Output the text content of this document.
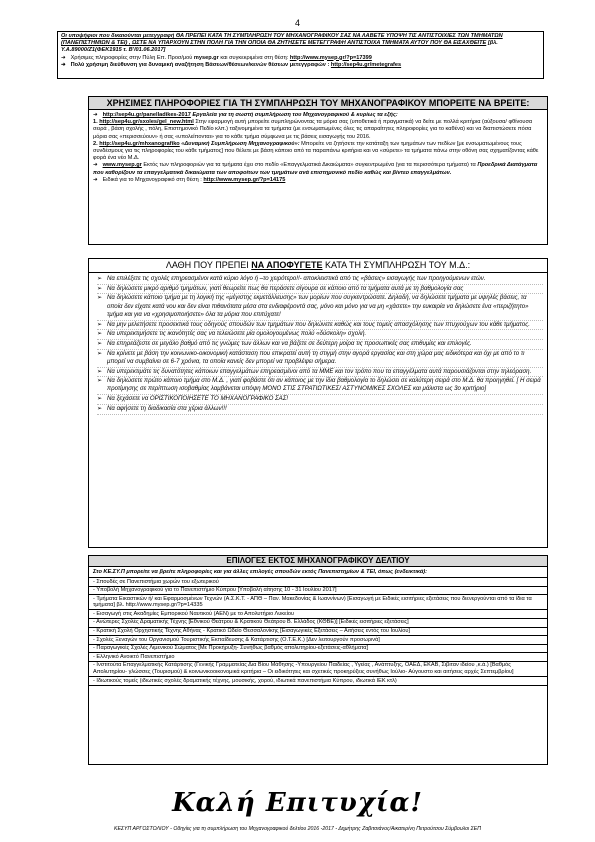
4

Οι υποψήφιοι που δικαιούνται μετεγγραφή ΘΑ ΠΡΕΠΕΙ ΚΑΤΑ ΤΗ ΣΥΜΠΛΗΡΩΣΗ ΤΟΥ ΜΗΧΑΝΟΓΡΑΦΙΚΟΥ ΣΑΣ ΝΑ ΛΑΒΕΤΕ ΥΠΟΨΗ ΤΙΣ ΑΝΤΙΣΤΟΙΧΙΕΣ ΤΩΝ ΤΜΗΜΑΤΩΝ (ΠΑΝΕΠΙΣΤΗΜΙΩΝ & ΤΕΙ) , ΩΣΤΕ ΝΑ ΥΠΑΡΧΟΥΝ ΣΤΗΝ ΠΟΛΗ ΓΙΑ ΤΗΝ ΟΠΟΙΑ ΘΑ ΖΗΤΗΣΕΤΕ ΜΕΤΕΓΓΡΑΦΗ ΑΝΤΙΣΤΟΙΧΑ ΤΜΗΜΑΤΑ ΑΥΤΟΥ ΠΟΥ ΘΑ ΕΙΣΑΧΘΕΙΤΕ [βλ. Υ.Α.89000/Z1(ΦΕΚ1915 τ. Β'/01.06.2017]

➜ Χρήσιμες πληροφορίες στην Πύλη Επ. Προσ/μού mysep.gr και συγκεκριμένα στη θέση: http://www.mysep.gr/?p=17399

➜ Πολύ χρήσιμη διεύθυνση για δυναμική αναζήτηση Βάσεων/θέσεων/κενών θέσεων μετεγγραφών : http://sep4u.gr/metegrafes

ΧΡΗΣΙΜΕΣ ΠΛΗΡΟΦΟΡΙΕΣ ΓΙΑ ΤΗ ΣΥΜΠΛΗΡΩΣΗ ΤΟΥ ΜΗΧΑΝΟΓΡΑΦΙΚΟΥ ΜΠΟΡΕΙΤΕ ΝΑ ΒΡΕΙΤΕ:

➜ http://sep4u.gr/panelladikes-2017 Εργαλεία για τη σωστή συμπλήρωση του Μηχανογραφικού & κυρίως τα εξής:

1. http://sep4u.gr/sxoles/gel_new.html Στην εφαρμογή αυτή μπορείτε συμπληρώνοντας τα μόρια σας (υποθετικά ή πραγματικά) να δείτε με πολλά κριτήρια (αύξουσα/ φθίνουσα σειρά , βάση σχολής , πόλη, Επιστημονικό Πεδίο κλπ.) ταξινομημένα τα τμήματα (με ενσωματωμένες όλες τις απαραίτητες πληροφορίες για το καθένα) και να διαπιστώσετε πόσα μόρια σας «περισσεύουν» ή σας «υπολείπονται» για το κάθε τμήμα σύμφωνα με τις βάσεις εισαγωγής του 2016.

2. http://sep4u.gr/mhxanografiko «Δυναμική Συμπλήρωση Μηχανογραφικού»: Μπορείτε να ζητήσετε την κατάταξη των τμημάτων των πεδίων [με ενσωματωμένους τους συνδέσμους για τις πληροφορίες του κάθε τμήματος] που θέλετε με βάση κάποιο από τα παραπάνω κριτήρια και να «σύρετε» τα τμήματα πάνω στην οθόνη σας σχηματίζοντας κάθε φορά ένα νέο Μ.Δ.

➜ www.mysep.gr Εκτός των πληροφοριών για τα τμήματα έχει στο πεδίο «Επαγγελματικά Δικαιώματα» συγκεντρωμένα (για τα περισσότερα τμήματα) τα Προεδρικά Διατάγματα που καθορίζουν τα επαγγελματικά δικαιώματα των αποφοίτων των τμημάτων ανά επιστημονικό πεδίο καθώς και βίντεο επαγγελμάτων.

➜ Ειδικά για το Μηχανογραφικό στη θέση : http://www.mysep.gr/?p=14175

ΛΑΘΗ ΠΟΥ ΠΡΕΠΕΙ ΝΑ ΑΠΟΦΥΓΕΤΕ ΚΑΤΑ ΤΗ ΣΥΜΠΛΗΡΩΣΗ ΤΟΥ Μ.Δ.:
➢ Να επιλέξετε τις σχολές επηρεασμένοι κατά κύριο λόγο ή –το χειρότερο!!- αποκλειστικά από τις «βάσεις» εισαγωγής των προηγούμενων ετών.
➢ Να δηλώσετε μικρό αριθμό τμημάτων, γιατί θεωρείτε πως θα περάσετε σίγουρα σε κάποιο από τα τμήματα αυτά με τη βαθμολογία σας
➢ Να δηλώσετε κάποιο τμήμα με τη λογική της «μέγιστης εκμετάλλευσης» των μορίων που συγκεντρώσατε. Δηλαδή, να δηλώσετε τμήματα με υψηλές βάσεις, τα οποία δεν είχατε κατά νου και δεν είναι πιθανότατα μέσα στα ενδιαφέροντά σας, μόνο και μόνο για να μη «χάσετε» την ευκαιρία να δηλώσετε ένα «περιζήτητο» τμήμα και για να «χρησιμοποιήσετε» όλα τα μόρια που επιτύχατε!
➢ Να μην μελετήσετε προσεκτικά τους οδηγούς σπουδών των τμημάτων που δηλώνετε καθώς και τους τομείς απασχόλησης των πτυχιούχων του κάθε τμήματος.
➢ Να υπερεκτιμήσετε τις ικανότητές σας να τελειώσετε μία ομολογουμένως πολύ «δύσκολη» σχολή.
➢ Να επηρεάζεστε σε μεγάλο βαθμό από τις γνώμες των άλλων και να βάζετε σε δεύτερη μοίρα τις προσωπικές σας επιθυμίες και επιλογές.
➢ Να κρίνετε με βάση την κοινωνικο-οικονομική κατάσταση που επικρατεί αυτή τη στιγμή στην αγορά εργασίας και στη χώρα μας ειδικότερα και όχι με από το τι μπορεί να συμβαίνει σε 6-7 χρόνια, τα οποία κανείς δεν μπορεί να προβλέψει σήμερα.
➢ Να υπερεκτιμάτε τις δυνατότητες κάποιων επαγγελμάτων επηρεασμένοι από τα ΜΜΕ και τον τρόπο που τα επαγγέλματα αυτά παρουσιάζονται στην τηλεόραση.
➢ Να δηλώσετε πρώτο κάποιο τμήμα στο Μ.Δ. , γιατί φοβάστε ότι αν κάποιος με την ίδια βαθμολογία το δηλώσει σε καλύτερη σειρά στο Μ.Δ. θα προηγηθεί. [ Η σειρά προτίμησης σε περίπτωση ισοβαθμίας λαμβάνεται υπόψη ΜΟΝΟ ΣΤΙΣ ΣΤΡΑΤΙΩΤΙΚΕΣ/ ΑΣΤΥΝΟΜΙΚΕΣ ΣΧΟΛΕΣ και μάλιστα ως 3ο κριτήριο]
➢ Να ξεχάσετε να ΟΡΙΣΤΙΚΟΠΟΙΗΣΕΤΕ ΤΟ ΜΗΧΑΝΟΓΡΑΦΙΚΟ ΣΑΣ!
➢ Να αφήσετε τη διαδικασία στα χέρια άλλων!!!
ΕΠΙΛΟΓΕΣ ΕΚΤΟΣ ΜΗΧΑΝΟΓΡΑΦΙΚΟΥ ΔΕΛΤΙΟΥ
Στο ΚΕ.ΣΥ.Π μπορείτε να βρείτε πληροφορίες και για άλλες επιλογές σπουδών εκτός Πανεπιστημίων & ΤΕΙ, όπως (ενδεικτικά):
- Σπουδές σε Πανεπιστήμια χωρών του εξωτερικού
- Υποβολή Μηχανογραφικού για το Πανεπιστήμιο Κύπρου [Υποβολή αίτησης 10 - 31 Ιουλίου 2017]
- Τμήματα Εικαστικών ή/ και Εφαρμοσμένων Τεχνών (Α.Σ.Κ.Τ. - ΑΠΘ – Παν. Μακεδονίας & Ιωαννίνων) [Εισαγωγή με Ειδικές εισιτήριες εξετάσεις που διενεργούνται από τα ίδια τα τμήματα] βλ. http://www.mysep.gr/?p=14335
- Εισαγωγή στις Ακαδημίες Εμπορικού Ναυτικού (ΑΕΝ) με το Απολυτήριο Λυκείου
- Ανώτερες Σχολές Δραματικής Τέχνης [Εθνικού Θεάτρου & Κρατικού Θεάτρου Β. Ελλάδος (ΚΘΒΕ)] [Ειδικές εισιτήριες εξετάσεις]
- Κρατική Σχολή Ορχηστικής Τέχνης Αθήνας - Κρατικό Ωδείο Θεσσαλονίκης [Εισαγωγικές Εξετάσεις – Αιτήσεις εντός του Ιουλίου]
- Σχολές Ξεναγών του Οργανισμού Τουριστικής Εκπαίδευσης & Κατάρτισης (Ο.Τ.Ε.Κ.) [Δεν λειτουργούν προσωρινά]
- Παραγωγικές Σχολές Λιμενικού Σώματος [Με Προκήρυξη- Συνήθως βαθμός απολυτηρίου-εξετάσεις-αθλήματα]
- Ελληνικό Ανοικτό Πανεπιστήμιο
- Ινστιτούτα Επαγγελματικής Κατάρτισης (Γενικής Γραμματείας Δια Βίου Μάθησης -Υπουργείου Παιδείας , Υγείας , Ανάπτυξης, ΟΑΕΔ, ΕΚΑΒ, Σιβιταν ιδείου ,κ.ά.) [Βαθμός Απολυτηρίου- γλώσσες (Τουρισμού) & κοινωνικοοικονομικά κριτήρια – Οι ειδικότητες και σχετικές προκηρύξεις συνήθως Ιούλιο- Αύγουστο και αιτήσεις αρχές Σεπτεμβρίου]
- Ιδιωτικούς τομείς (ιδιωτικές σχολές δραματικής τέχνης, μουσικής, χορού, ιδιωτικά πανεπιστήμια Κύπρου, ιδιωτικά ΙΕΚ κτλ)
Καλή Επιτυχία!
ΚΕΣΥΠ ΑΡΓΟΣΤΟΛΙΟΥ - Οδηγίες για τη συμπλήρωση του Μηχανογραφικού δελτίου 2016 -2017 - Δημήτρης Ζαβιτσιάνος/Αικατερίνη Πετρούτσου Σύμβουλοι ΣΕΠ
